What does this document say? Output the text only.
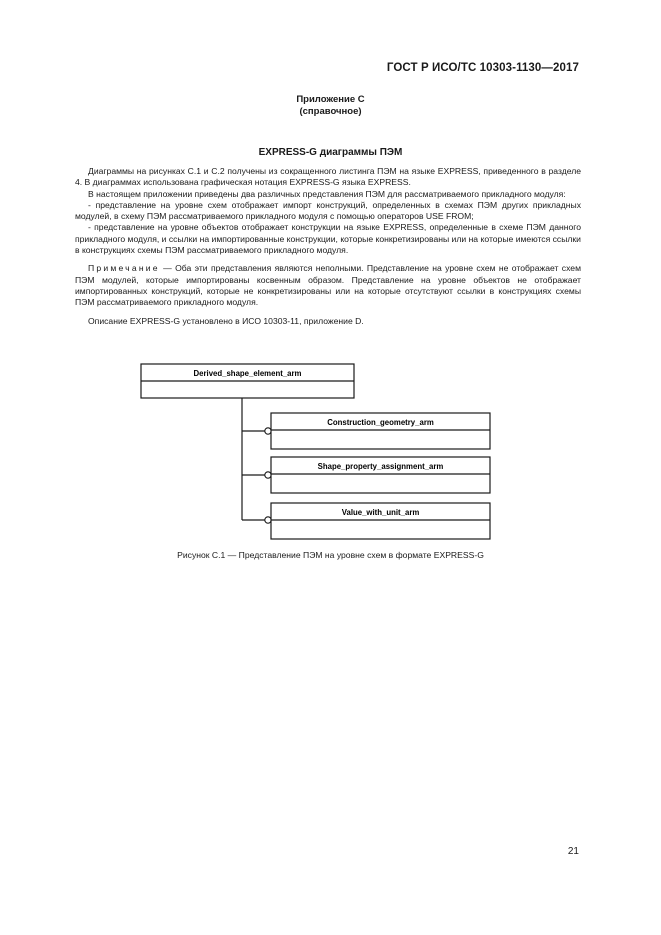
ГОСТ Р ИСО/ТС 10303-1130—2017
Приложение С
(справочное)
EXPRESS-G диаграммы ПЭМ

Диаграммы на рисунках С.1 и С.2 получены из сокращенного листинга ПЭМ на языке EXPRESS, приведенного в разделе 4. В диаграммах использована графическая нотация EXPRESS-G языка EXPRESS.

В настоящем приложении приведены два различных представления ПЭМ для рассматриваемого прикладного модуля:

- представление на уровне схем отображает импорт конструкций, определенных в схемах ПЭМ других прикладных модулей, в схему ПЭМ рассматриваемого прикладного модуля с помощью операторов USE FROM;

- представление на уровне объектов отображает конструкции на языке EXPRESS, определенные в схеме ПЭМ данного прикладного модуля, и ссылки на импортированные конструкции, которые конкретизированы или на которые имеются ссылки в конструкциях схемы ПЭМ рассматриваемого прикладного модуля.

Примечание — Оба эти представления являются неполными. Представление на уровне схем не отображает схем ПЭМ модулей, которые импортированы косвенным образом. Представление на уровне объектов не отображает импортированных конструкций, которые не конкретизированы или на которые отсутствуют ссылки в конструкциях схемы ПЭМ рассматриваемого прикладного модуля.

Описание EXPRESS-G установлено в ИСО 10303-11, приложение D.

Derived_shape_element_arm
Construction_geometry_arm
Shape_property_assignment_arm
Value_with_unit_arm
Рисунок С.1 — Представление ПЭМ на уровне схем в формате EXPRESS-G
21
